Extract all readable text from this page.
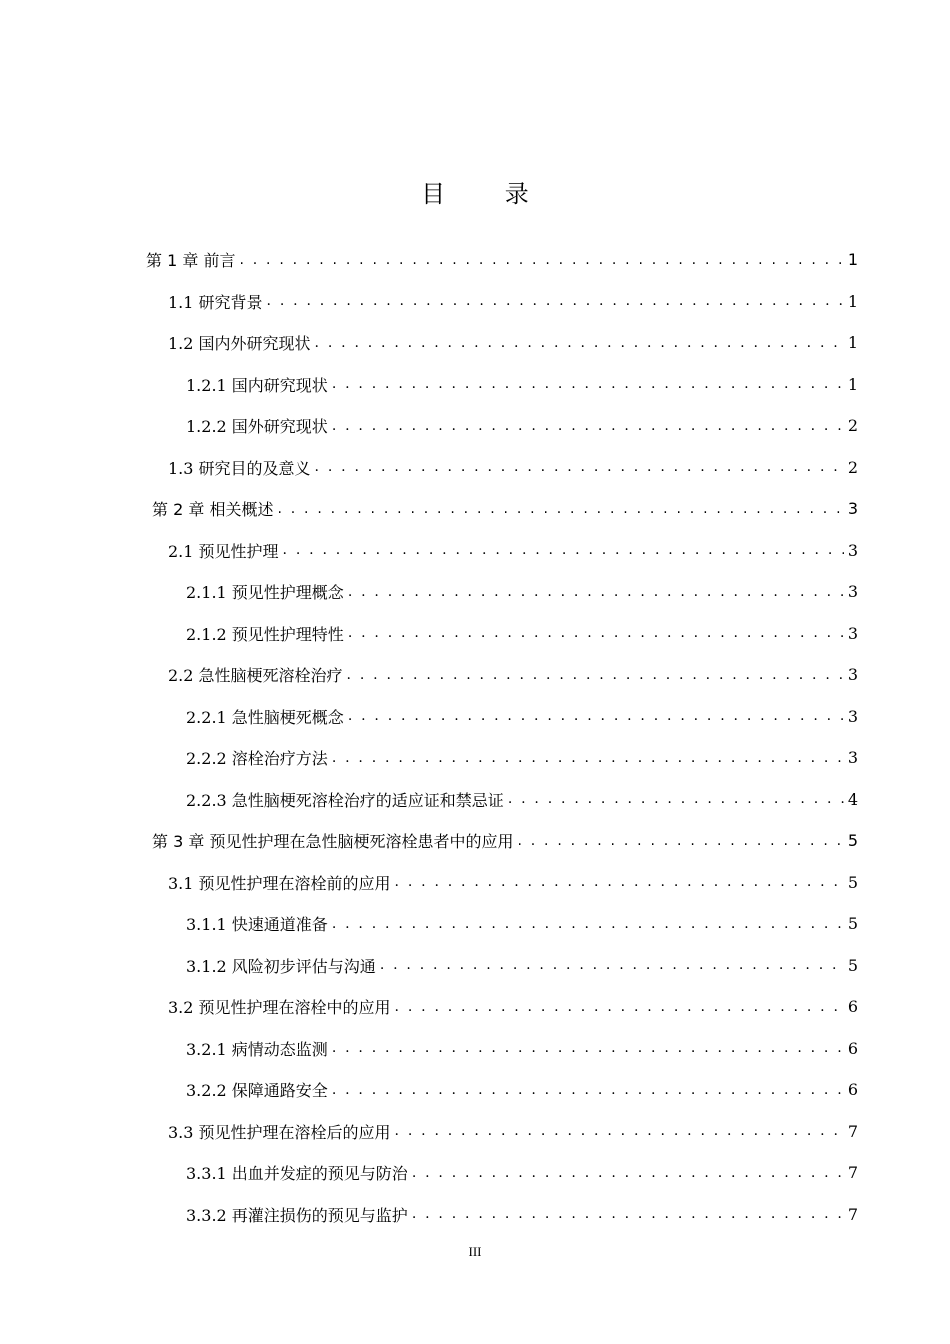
目 录
第 1 章 前言 . . .	1
1.1 研究背景 . . .	1
1.2 国内外研究现状 . . .	1
1.2.1 国内研究现状 . . .	1
1.2.2 国外研究现状 . . .	2
1.3 研究目的及意义 . . .	2
第 2 章 相关概述 . . .	3
2.1 预见性护理 . . .	3
2.1.1 预见性护理概念 . . .	3
2.1.2 预见性护理特性 . . .	3
2.2 急性脑梗死溶栓治疗 . . .	3
2.2.1 急性脑梗死概念 . . .	3
2.2.2 溶栓治疗方法 . . .	3
2.2.3 急性脑梗死溶栓治疗的适应证和禁忌证 . . .	4
第 3 章 预见性护理在急性脑梗死溶栓患者中的应用 . . .	5
3.1 预见性护理在溶栓前的应用 . . .	5
3.1.1 快速通道准备 . . .	5
3.1.2 风险初步评估与沟通 . . .	5
3.2 预见性护理在溶栓中的应用 . . .	6
3.2.1 病情动态监测 . . .	6
3.2.2 保障通路安全 . . .	6
3.3 预见性护理在溶栓后的应用 . . .	7
3.3.1 出血并发症的预见与防治 . . .	7
3.3.2 再灌注损伤的预见与监护 . . .	7
III
